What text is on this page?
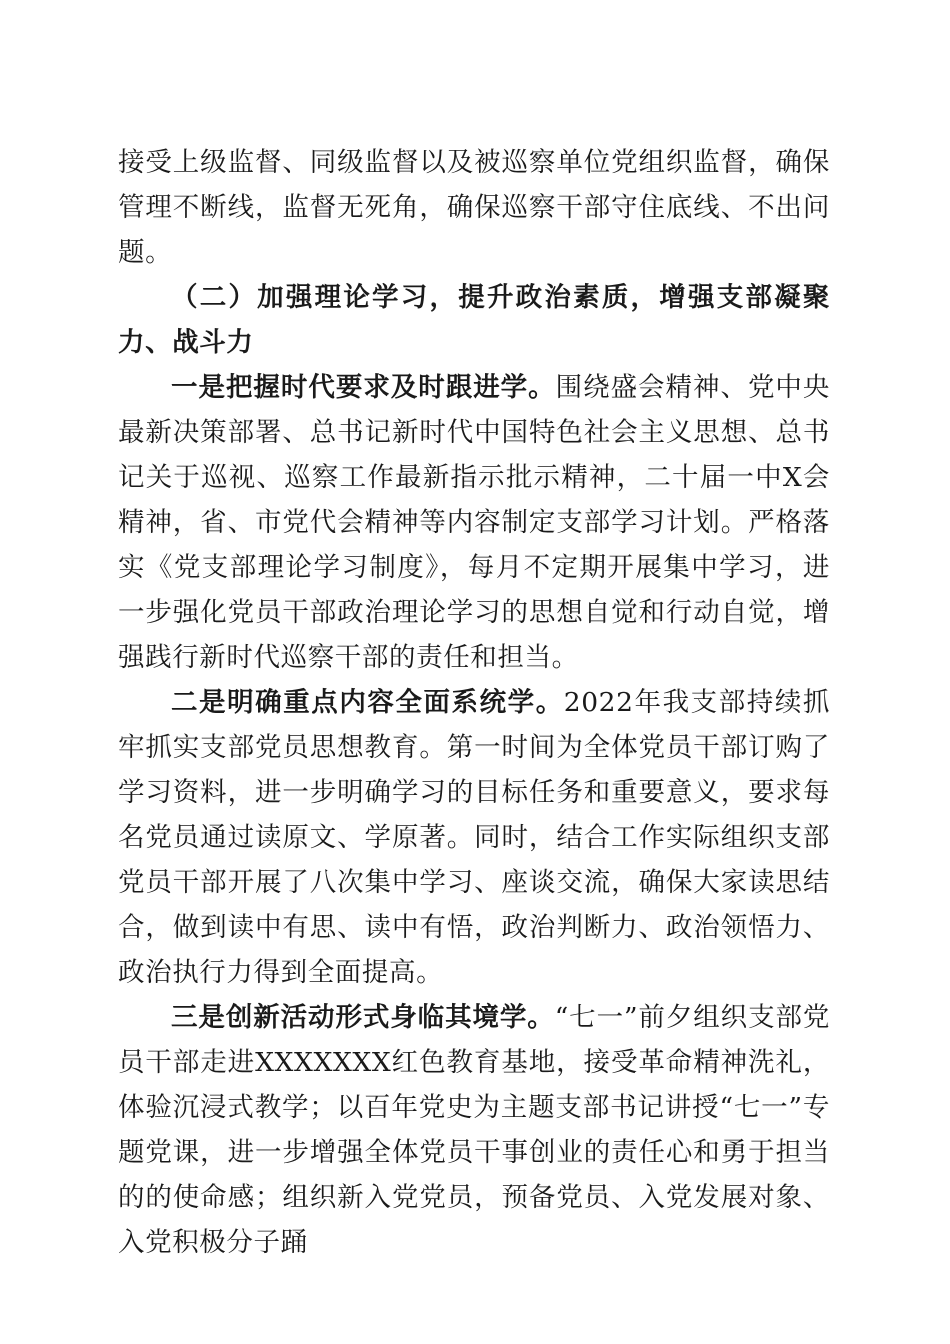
接受上级监督、同级监督以及被巡察单位党组织监督，确保管理不断线，监督无死角，确保巡察干部守住底线、不出问题。

（二）加强理论学习，提升政治素质，增强支部凝聚力、战斗力

一是把握时代要求及时跟进学。围绕盛会精神、党中央最新决策部署、总书记新时代中国特色社会主义思想、总书记关于巡视、巡察工作最新指示批示精神，二十届一中X会精神，省、市党代会精神等内容制定支部学习计划。严格落实《党支部理论学习制度》，每月不定期开展集中学习，进一步强化党员干部政治理论学习的思想自觉和行动自觉，增强践行新时代巡察干部的责任和担当。

二是明确重点内容全面系统学。2022年我支部持续抓牢抓实支部党员思想教育。第一时间为全体党员干部订购了学习资料，进一步明确学习的目标任务和重要意义，要求每名党员通过读原文、学原著。同时，结合工作实际组织支部党员干部开展了八次集中学习、座谈交流，确保大家读思结合，做到读中有思、读中有悟，政治判断力、政治领悟力、政治执行力得到全面提高。

三是创新活动形式身临其境学。“七一”前夕组织支部党员干部走进XXXXXXX红色教育基地，接受革命精神洗礼，体验沉浸式教学；以百年党史为主题支部书记讲授“七一”专题党课，进一步增强全体党员干事创业的责任心和勇于担当的的使命感；组织新入党党员，预备党员、入党发展对象、入党积极分子踊
